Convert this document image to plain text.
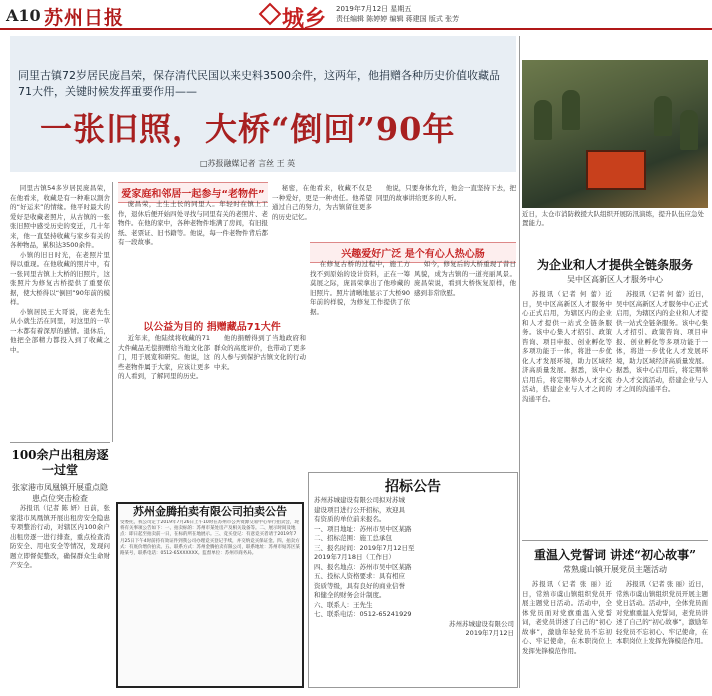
A10 苏州日报	城乡 2019年7月12日 星期五
责任编辑 陈婷婷 编辑 蒋建国 版式 张芳
同里古镇72岁居民庞昌荣，保存清代民国以来史料3500余件，这两年，他捐赠各种历史价值收藏品71大件，关键时候发挥重要作用——
一张旧照，大桥“倒回”90年
□苏报融媒记者 言丝 王 英
近日，太仓市消防救援大队组织开展防汛演练，提升队伍应急处置能力。

同里古镇54多岁居民庞昌荣，在他看来，收藏是有一种难以割舍的“好运来”的情缘。他平时最大的爱好是收藏老照片，从古镇的一张张旧照中感受历史的变迁，几十年来，他一直坚持收藏与家乡有关的各种物品，累积达3500余件。

小镇的旧日时光，在老照片里得以重现。在他收藏的照片中，有一张同里古镇上大桥的旧照片，这张照片为修复古桥提供了重要依据，使大桥得以“倒回”90年前的模样。

小镇居民王大哥说，庞老先生从小就生活在同里，对这里的一草一木都有着深厚的感情。退休后，他把全部精力都投入到了收藏之中。

爱家庭和邻居一起参与“老物件”

庞昌荣，土生土长的同里人。年轻时在镇上工作，退休后便开始四处寻找与同里有关的老照片、老物件。在他的家中，各种老物件堆满了房间，有旧报纸、老票证、旧书籍等。他说，每一件老物件背后都有一段故事。

以公益为目的 捐赠藏品71大件

近年来，他陆续将收藏的71大件藏品无偿捐赠给当地文化部门，用于展览和研究。他说，这些老物件属于大家，应该让更多的人看到，了解同里的历史。

他的捐赠得到了当地政府和群众的高度评价，也带动了更多的人参与到保护古镇文化的行动中来。

秘密，在他看来，收藏不仅是一种爱好，更是一种责任。他希望通过自己的努力，为古镇留住更多的历史记忆。

他说，只要身体允许，他会一直坚持下去，把同里的故事讲给更多的人听。

兴趣爱好广泛 是个有心人热心肠

在修复古桥的过程中，施工方找不到原始的设计资料，正在一筹莫展之际，庞昌荣拿出了他珍藏的旧照片。照片清晰地显示了大桥90年前的样貌，为修复工作提供了依据。

如今，修复后的大桥重现了昔日风貌，成为古镇的一道亮丽风景。庞昌荣说，看到大桥恢复原样，他感到非常欣慰。

100余户出租房逐一过堂
张家港市凤凰镇开展重点隐患点位突击检查

苏报讯（记者 陈 妍）日前，张家港市凤凰镇开展出租房安全隐患专项整治行动，对辖区内100余户出租房逐一进行排查，重点检查消防安全、用电安全等情况，发现问题立即督促整改，确保群众生命财产安全。

苏州金腾拍卖有限公司拍卖公告
受委托，我公司定于2019年7月26日上午10时在苏州市公共资源交易中心举行拍卖会，现将有关事项公告如下：一、拍卖标的：苏州市某处房产及相关设备等。二、展示时间及地点：即日起至拍卖前一日，在标的所在地展示。三、竞买登记：有意竞买者请于2019年7月25日下午4时前持有效证件到我公司办理竞买登记手续，并交纳竞买保证金。四、拍卖方式：有底价增价拍卖。五、联系方式：苏州金腾拍卖有限公司，联系地址：苏州市姑苏区某路某号，联系电话：0512-65XXXXXX。监督单位：苏州市商务局。
招标公告
苏州苏城建设有限公司拟对苏城
建设项目进行公开招标，欢迎具
有资质的单位前来报名。
一、项目地址：苏州市吴中区某路
二、招标范围：施工总承包
三、报名时间：2019年7月12日至
2019年7月18日（工作日）
四、报名地点：苏州市吴中区某路
五、投标人资格要求：具有相应
资质等级，具有良好的商业信誉
和健全的财务会计制度。
六、联系人：王先生
七、联系电话：0512-65241929
苏州苏城建设有限公司
2019年7月12日
为企业和人才提供全链条服务
吴中区高新区人才服务中心

苏报讯（记者 何 蕾）近日，吴中区高新区人才服务中心正式启用，为辖区内的企业和人才提供一站式全链条服务。该中心集人才招引、政策咨询、项目申报、创业孵化等多项功能于一体，将进一步优化人才发展环境，助力区域经济高质量发展。据悉，该中心启用后，将定期举办人才交流活动，搭建企业与人才之间的沟通平台。

苏报讯（记者 何 蕾）近日，吴中区高新区人才服务中心正式启用，为辖区内的企业和人才提供一站式全链条服务。该中心集人才招引、政策咨询、项目申报、创业孵化等多项功能于一体，将进一步优化人才发展环境，助力区域经济高质量发展。据悉，该中心启用后，将定期举办人才交流活动，搭建企业与人才之间的沟通平台。

重温入党誓词 讲述“初心故事”
常熟虞山镇开展党员主题活动

苏报讯（记者 张 丽）近日，常熟市虞山镇组织党员开展主题党日活动。活动中，全体党员面对党旗重温入党誓词，老党员讲述了自己的“初心故事”，激励年轻党员不忘初心、牢记使命，在本职岗位上发挥先锋模范作用。

苏报讯（记者 张 丽）近日，常熟市虞山镇组织党员开展主题党日活动。活动中，全体党员面对党旗重温入党誓词，老党员讲述了自己的“初心故事”，激励年轻党员不忘初心、牢记使命，在本职岗位上发挥先锋模范作用。
